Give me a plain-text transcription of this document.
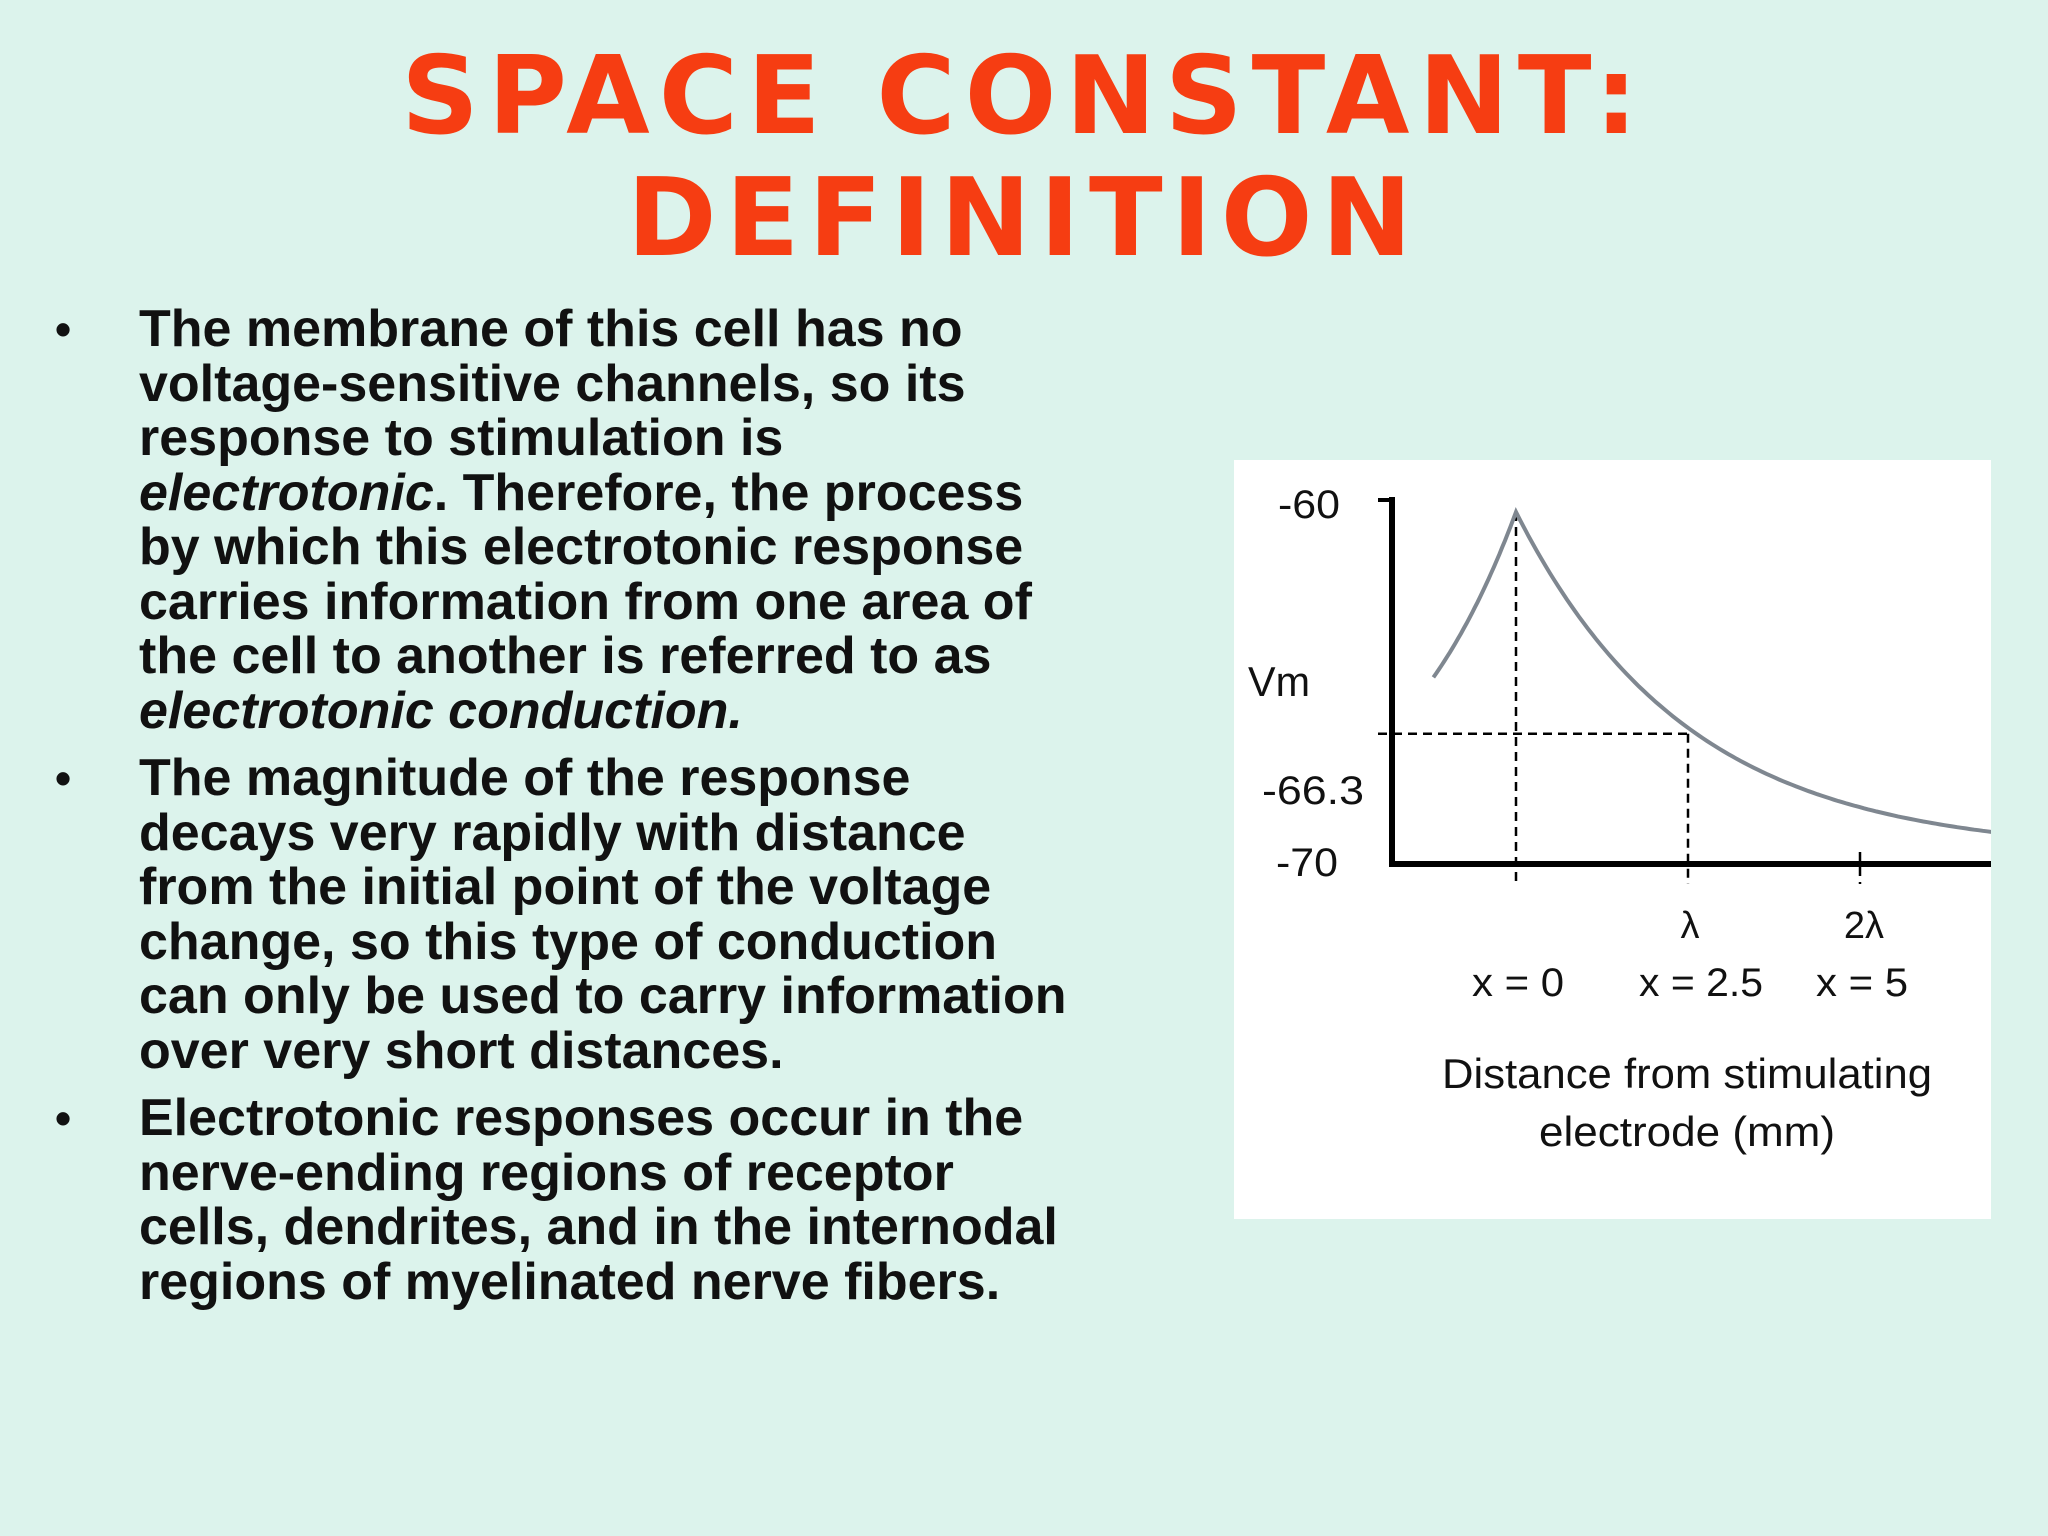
SPACE CONSTANT:
DEFINITION
• The membrane of this cell has no
voltage-sensitive channels, so its
response to stimulation is
electrotonic. Therefore, the process
by which this electrotonic response
carries information from one area of
the cell to another is referred to as
electrotonic conduction.
• The magnitude of the response
decays very rapidly with distance
from the initial point of the voltage
change, so this type of conduction
can only be used to carry information
over very short distances.
• Electrotonic responses occur in the
nerve-ending regions of receptor
cells, dendrites, and in the internodal
regions of myelinated nerve fibers.
-60
Vm
-66.3
-70
λ	2λ
x = 0 x = 2.5 x = 5
Distance from stimulating
electrode (mm)
